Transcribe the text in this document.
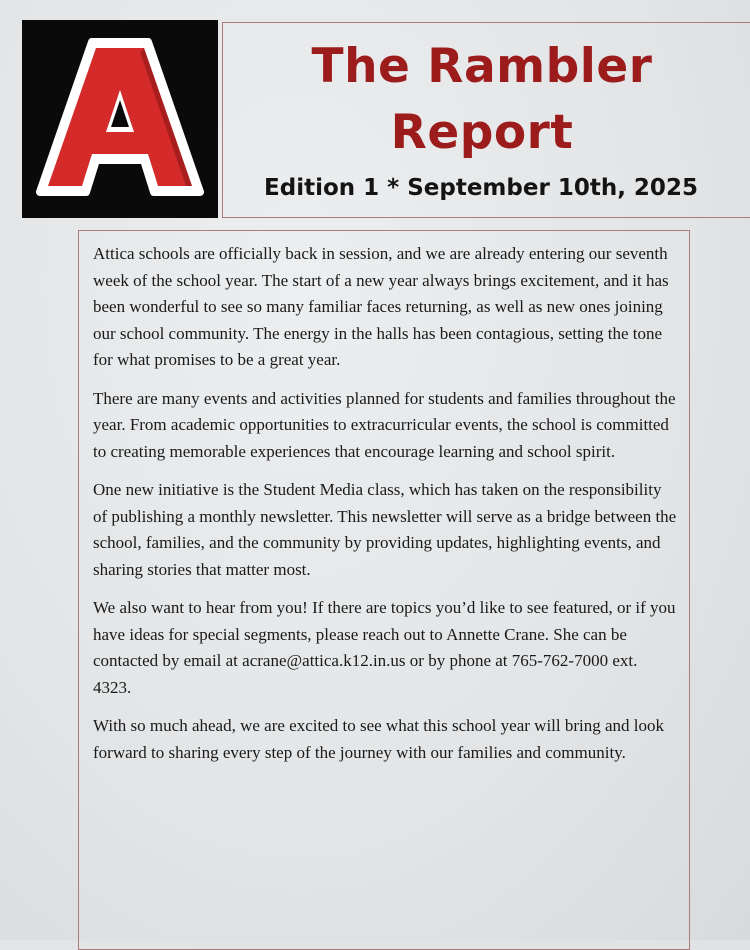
The Rambler
Report
Edition 1 * September 10th, 2025

Attica schools are officially back in session, and we are already entering our seventh week of the school year. The start of a new year always brings excitement, and it has been wonderful to see so many familiar faces returning, as well as new ones joining our school community. The energy in the halls has been contagious, setting the tone for what promises to be a great year.

There are many events and activities planned for students and families throughout the year. From academic opportunities to extracurricular events, the school is committed to creating memorable experiences that encourage learning and school spirit.

One new initiative is the Student Media class, which has taken on the responsibility of publishing a monthly newsletter. This newsletter will serve as a bridge between the school, families, and the community by providing updates, highlighting events, and sharing stories that matter most.

We also want to hear from you! If there are topics you’d like to see featured, or if you have ideas for special segments, please reach out to Annette Crane. She can be contacted by email at acrane@attica.k12.in.us or by phone at 765-762-7000 ext. 4323.

With so much ahead, we are excited to see what this school year will bring and look forward to sharing every step of the journey with our families and community.
